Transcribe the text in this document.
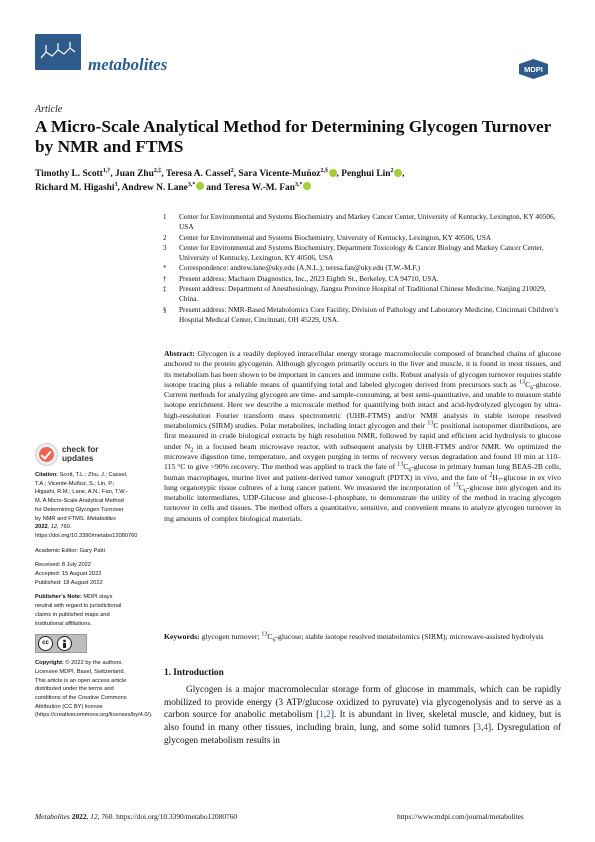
metabolites	MDPI
Article
A Micro-Scale Analytical Method for Determining Glycogen Turnover by NMR and FTMS
Timothy L. Scott$^{1,\dagger}$, Juan Zhu$^{2,\ddagger}$, Teresa A. Cassel$^2$, Sara Vicente-Muñoz$^{2,\S}$ , Penghui Lin$^2$ ,
Richard M. Higashi$^3$, Andrew N. Lane$^{3,*}$ and Teresa W.-M. Fan$^{3,*}$
1	Center for Environmental and Systems Biochemistry and Markey Cancer Center, University of Kentucky, Lexington, KY 40506, USA
2	Center for Environmental and Systems Biochemistry, University of Kentucky, Lexington, KY 40506, USA
3	Center for Environmental and Systems Biochemistry, Department Toxicology & Cancer Biology and Markey Cancer Center, University of Kentucky, Lexington, KY 40506, USA
*	Correspondence: andrew.lane@uky.edu (A.N.L.); teresa.fan@uky.edu (T.W.-M.F.)
†	Present address: Machaon Diagnostics, Inc., 2023 Eighth St., Berkeley, CA 94710, USA.
‡	Present address: Department of Anesthesiology, Jiangsu Province Hospital of Traditional Chinese Medicine, Nanjing 210029, China.
§	Present address: NMR-Based Metabolomics Core Facility, Division of Pathology and Laboratory Medicine, Cincinnati Children’s Hospital Medical Center, Cincinnati, OH 45229, USA.

Abstract: Glycogen is a readily deployed intracellular energy storage macromolecule composed of branched chains of glucose anchored to the protein glycogenin. Although glycogen primarily occurs in the liver and muscle, it is found in most tissues, and its metabolism has been shown to be important in cancers and immune cells. Robust analysis of glycogen turnover requires stable isotope tracing plus a reliable means of quantifying total and labeled glycogen derived from precursors such as $^{13}C_6$-glucose. Current methods for analyzing glycogen are time- and sample-consuming, at best semi-quantitative, and unable to measure stable isotope enrichment. Here we describe a microscale method for quantifying both intact and acid-hydrolyzed glycogen by ultra-high-resolution Fourier transform mass spectrometric (UHR-FTMS) and/or NMR analysis in stable isotope resolved metabolomics (SIRM) studies. Polar metabolites, including intact glycogen and their $^{13}$C positional isotopomer distributions, are first measured in crude biological extracts by high resolution NMR, followed by rapid and efficient acid hydrolysis to glucose under $N_2$ in a focused beam microwave reactor, with subsequent analysis by UHR-FTMS and/or NMR. We optimized the microwave digestion time, temperature, and oxygen purging in terms of recovery versus degradation and found 10 min at 110–115 °C to give >90% recovery. The method was applied to track the fate of $^{13}C_6$-glucose in primary human lung BEAS-2B cells, human macrophages, murine liver and patient-derived tumor xenograft (PDTX) in vivo, and the fate of $^2H_7$-glucose in ex vivo lung organotypic tissue cultures of a lung cancer patient. We measured the incorporation of $^{13}C_6$-glucose into glycogen and its metabolic intermediates, UDP-Glucose and glucose-1-phosphate, to demonstrate the utility of the method in tracing glycogen turnover in cells and tissues. The method offers a quantitative, sensitive, and convenient means to analyze glycogen turnover in mg amounts of complex biological materials.

Keywords: glycogen turnover; $^{13}C_6$-glucose; stable isotope resolved metabolomics (SIRM); microwave-assisted hydrolysis

check for
updates
Citation: Scott, T.L.; Zhu, J.; Cassel, T.A.; Vicente-Muñoz, S.; Lin, P.; Higashi, R.M.; Lane, A.N.; Fan, T.W.-M. A Micro-Scale Analytical Method for Determining Glycogen Turnover by NMR and FTMS. Metabolites 2022, 12, 760. https://doi.org/10.3390/metabo12080760
Academic Editor: Gary Patti
Received: 8 July 2022
Accepted: 15 August 2022
Published: 18 August 2022
Publisher’s Note: MDPI stays neutral with regard to jurisdictional claims in published maps and institutional affiliations.
cc
Copyright: © 2022 by the authors. Licensee MDPI, Basel, Switzerland. This article is an open access article distributed under the terms and conditions of the Creative Commons Attribution (CC BY) license (https://creativecommons.org/licenses/by/4.0/).
1. Introduction

Glycogen is a major macromolecular storage form of glucose in mammals, which can be rapidly mobilized to provide energy (3 ATP/glucose oxidized to pyruvate) via glycogenolysis and to serve as a carbon source for anabolic metabolism [1,2]. It is abundant in liver, skeletal muscle, and kidney, but is also found in many other tissues, including brain, lung, and some solid tumors [3,4]. Dysregulation of glycogen metabolism results in

Metabolites 2022, 12, 760. https://doi.org/10.3390/metabo12080760	https://www.mdpi.com/journal/metabolites
